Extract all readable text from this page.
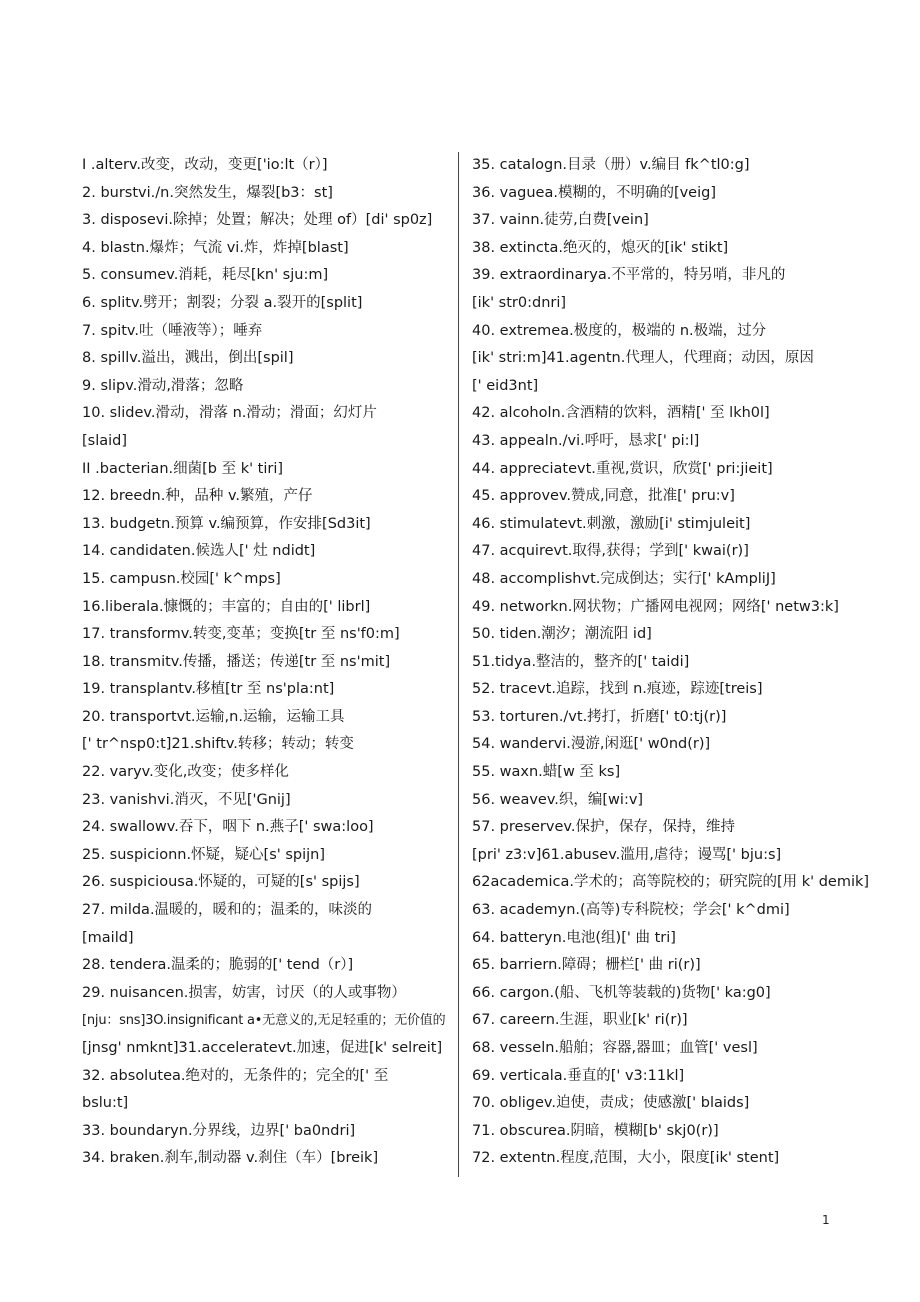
I .alterv.改变，改动，变更['io:lt（r）]
2. burstvi./n.突然发生，爆裂[b3：st]
3. disposevi.除掉；处置；解决；处理 of）[di' sp0z]
4. blastn.爆炸；气流 vi.炸，炸掉[blast]
5. consumev.消耗，耗尽[kn' sju:m]
6. splitv.劈开；割裂；分裂 a.裂开的[split]
7. spitv.吐（唾液等）；唾弃
8. spillv.溢出，溅出，倒出[spil]
9. slipv.滑动,滑落；忽略
10. slidev.滑动，滑落 n.滑动；滑面；幻灯片
[slaid]
II .bacterian.细菌[b 至 k' tiri]
12. breedn.种，品种 v.繁殖，产仔
13. budgetn.预算 v.编预算，作安排[Sd3it]
14. candidaten.候选人[' 灶 ndidt]
15. campusn.校园[' k^mps]
16.liberala.慷慨的；丰富的；自由的[' librl]
17. transformv.转变,变革；变换[tr 至 ns'f0:m]
18. transmitv.传播，播送；传递[tr 至 ns'mit]
19. transplantv.移植[tr 至 ns'pla:nt]
20. transportvt.运输,n.运输，运输工具
[' tr^nsp0:t]21.shiftv.转移；转动；转变
22. varyv.变化,改变；使多样化
23. vanishvi.消灭，不见['Gnij]
24. swallowv.吞下，咽下 n.燕子[' swa:loo]
25. suspicionn.怀疑，疑心[s' spijn]
26. suspiciousa.怀疑的，可疑的[s' spijs]
27. milda.温暖的，暖和的；温柔的，味淡的
[maild]
28. tendera.温柔的；脆弱的[' tend（r）]
29. nuisancen.损害，妨害，讨厌（的人或事物）
[nju：sns]3O.insignificant a•无意义的,无足轻重的；无价值的
[jnsg' nmknt]31.acceleratevt.加速，促进[k' selreit]
32. absolutea.绝对的，无条件的；完全的[' 至
bslu:t]
33. boundaryn.分界线，边界[' ba0ndri]
34. braken.刹车,制动器 v.刹住（车）[breik]
35. catalogn.目录（册）v.编目 fk^tl0:g]
36. vaguea.模糊的，不明确的[veig]
37. vainn.徒劳,白费[vein]
38. extincta.绝灭的，熄灭的[ik' stikt]
39. extraordinarya.不平常的，特另哨，非凡的
[ik' str0:dnri]
40. extremea.极度的，极端的 n.极端，过分
[ik' stri:m]41.agentn.代理人，代理商；动因，原因
[' eid3nt]
42. alcoholn.含酒精的饮料，酒精[' 至 lkh0l]
43. appealn./vi.呼吁，恳求[' pi:l]
44. appreciatevt.重视,赏识，欣赏[' pri:jieit]
45. approvev.赞成,同意，批准[' pru:v]
46. stimulatevt.刺激，激励[i' stimjuleit]
47. acquirevt.取得,获得；学到[' kwai(r)]
48. accomplishvt.完成倒达；实行[' kAmpliJ]
49. networkn.网状物；广播网电视网；网络[' netw3:k]
50. tiden.潮汐；潮流阳 id]
51.tidya.整洁的，整齐的[' taidi]
52. tracevt.追踪，找到 n.痕迹，踪迹[treis]
53. torturen./vt.拷打，折磨[' t0:tj(r)]
54. wandervi.漫游,闲逛[' w0nd(r)]
55. waxn.蜡[w 至 ks]
56. weavev.织，编[wi:v]
57. preservev.保护，保存，保持，维持
[pri' z3:v]61.abusev.滥用,虐待；谩骂[' bju:s]
62academica.学术的；高等院校的；研究院的[用 k' demik]
63. academyn.(高等)专科院校；学会[' k^dmi]
64. batteryn.电池(组)[' 曲 tri]
65. barriern.障碍；栅栏[' 曲 ri(r)]
66. cargon.(船、飞机等装载的)货物[' ka:g0]
67. careern.生涯，职业[k' ri(r)]
68. vesseln.船舶；容器,器皿；血管[' vesl]
69. verticala.垂直的[' v3:11kl]
70. obligev.迫使，责成；使感激[' blaids]
71. obscurea.阴暗，模糊[b' skj0(r)]
72. extentn.程度,范围，大小，限度[ik' stent]
1
